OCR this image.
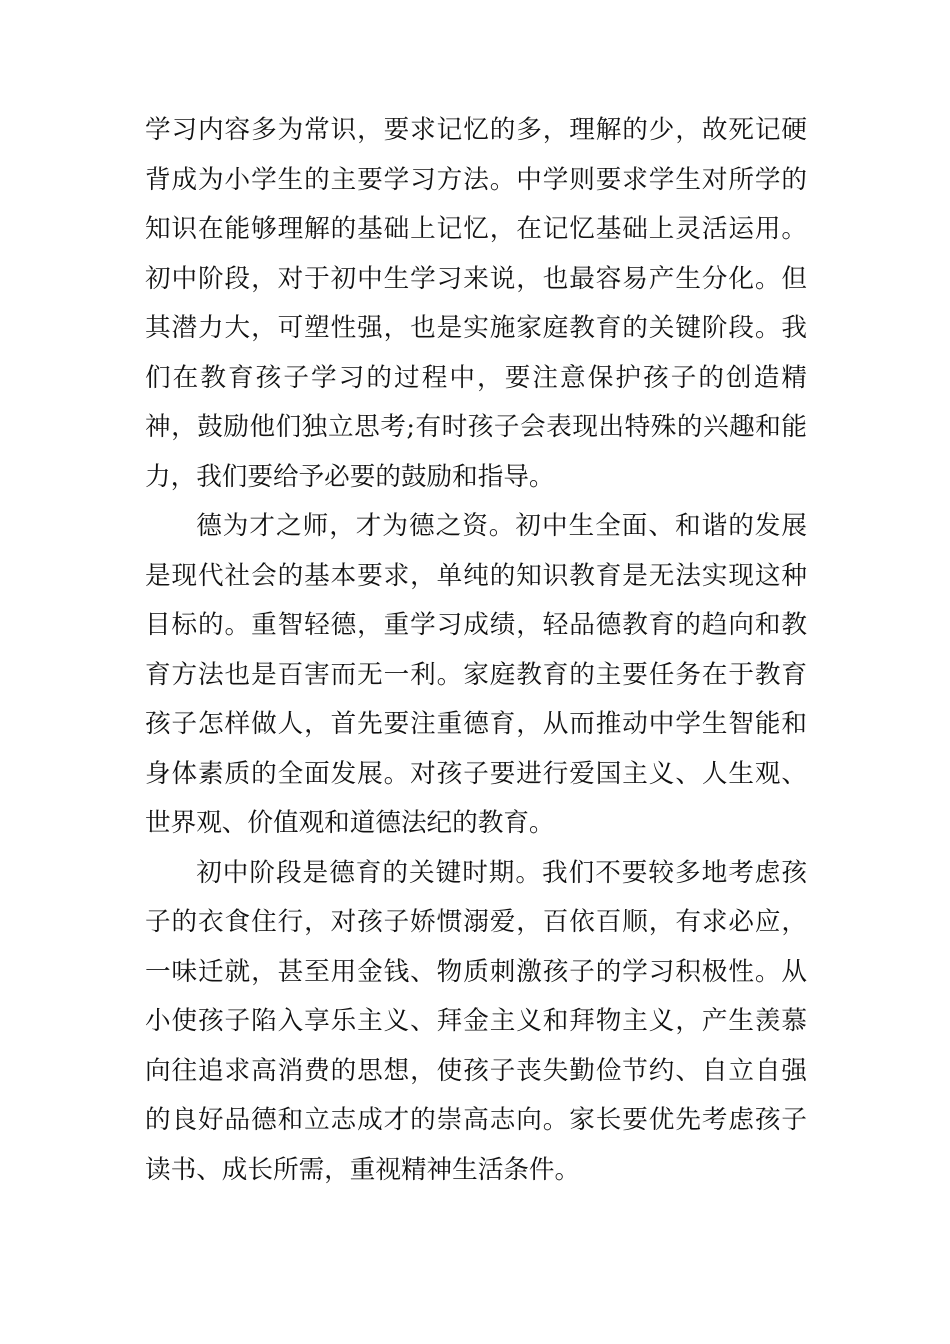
学习内容多为常识，要求记忆的多，理解的少，故死记硬背成为小学生的主要学习方法。中学则要求学生对所学的知识在能够理解的基础上记忆，在记忆基础上灵活运用。初中阶段，对于初中生学习来说，也最容易产生分化。但其潜力大，可塑性强，也是实施家庭教育的关键阶段。我们在教育孩子学习的过程中，要注意保护孩子的创造精神，鼓励他们独立思考;有时孩子会表现出特殊的兴趣和能力，我们要给予必要的鼓励和指导。

德为才之师，才为德之资。初中生全面、和谐的发展是现代社会的基本要求，单纯的知识教育是无法实现这种目标的。重智轻德，重学习成绩，轻品德教育的趋向和教育方法也是百害而无一利。家庭教育的主要任务在于教育孩子怎样做人，首先要注重德育，从而推动中学生智能和身体素质的全面发展。对孩子要进行爱国主义、人生观、世界观、价值观和道德法纪的教育。

初中阶段是德育的关键时期。我们不要较多地考虑孩子的衣食住行，对孩子娇惯溺爱，百依百顺，有求必应，一味迁就，甚至用金钱、物质刺激孩子的学习积极性。从小使孩子陷入享乐主义、拜金主义和拜物主义，产生羡慕向往追求高消费的思想，使孩子丧失勤俭节约、自立自强的良好品德和立志成才的崇高志向。家长要优先考虑孩子读书、成长所需，重视精神生活条件。
